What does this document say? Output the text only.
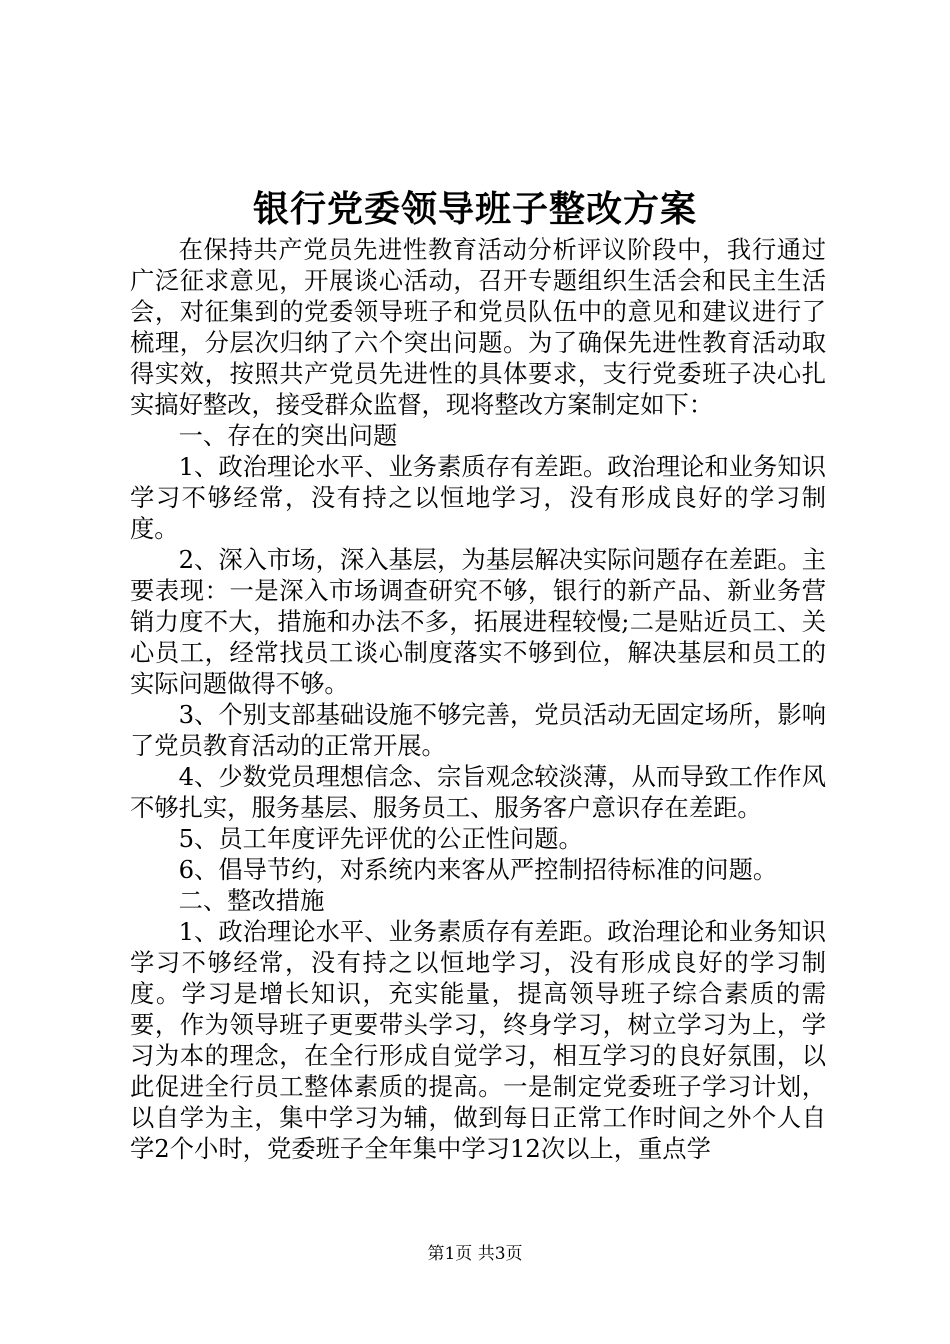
银行党委领导班子整改方案

在保持共产党员先进性教育活动分析评议阶段中，我行通过广泛征求意见，开展谈心活动，召开专题组织生活会和民主生活会，对征集到的党委领导班子和党员队伍中的意见和建议进行了梳理，分层次归纳了六个突出问题。为了确保先进性教育活动取得实效，按照共产党员先进性的具体要求，支行党委班子决心扎实搞好整改，接受群众监督，现将整改方案制定如下：

一、存在的突出问题

1、政治理论水平、业务素质存有差距。政治理论和业务知识学习不够经常，没有持之以恒地学习，没有形成良好的学习制度。

2、深入市场，深入基层，为基层解决实际问题存在差距。主要表现：一是深入市场调查研究不够，银行的新产品、新业务营销力度不大，措施和办法不多，拓展进程较慢;二是贴近员工、关心员工，经常找员工谈心制度落实不够到位，解决基层和员工的实际问题做得不够。

3、个别支部基础设施不够完善，党员活动无固定场所，影响了党员教育活动的正常开展。

4、少数党员理想信念、宗旨观念较淡薄，从而导致工作作风不够扎实，服务基层、服务员工、服务客户意识存在差距。

5、员工年度评先评优的公正性问题。

6、倡导节约，对系统内来客从严控制招待标准的问题。

二、整改措施

1、政治理论水平、业务素质存有差距。政治理论和业务知识学习不够经常，没有持之以恒地学习，没有形成良好的学习制度。学习是增长知识，充实能量，提高领导班子综合素质的需要，作为领导班子更要带头学习，终身学习，树立学习为上，学习为本的理念，在全行形成自觉学习，相互学习的良好氛围，以此促进全行员工整体素质的提高。一是制定党委班子学习计划，以自学为主，集中学习为辅，做到每日正常工作时间之外个人自学2个小时，党委班子全年集中学习12次以上，重点学

第1页 共3页
